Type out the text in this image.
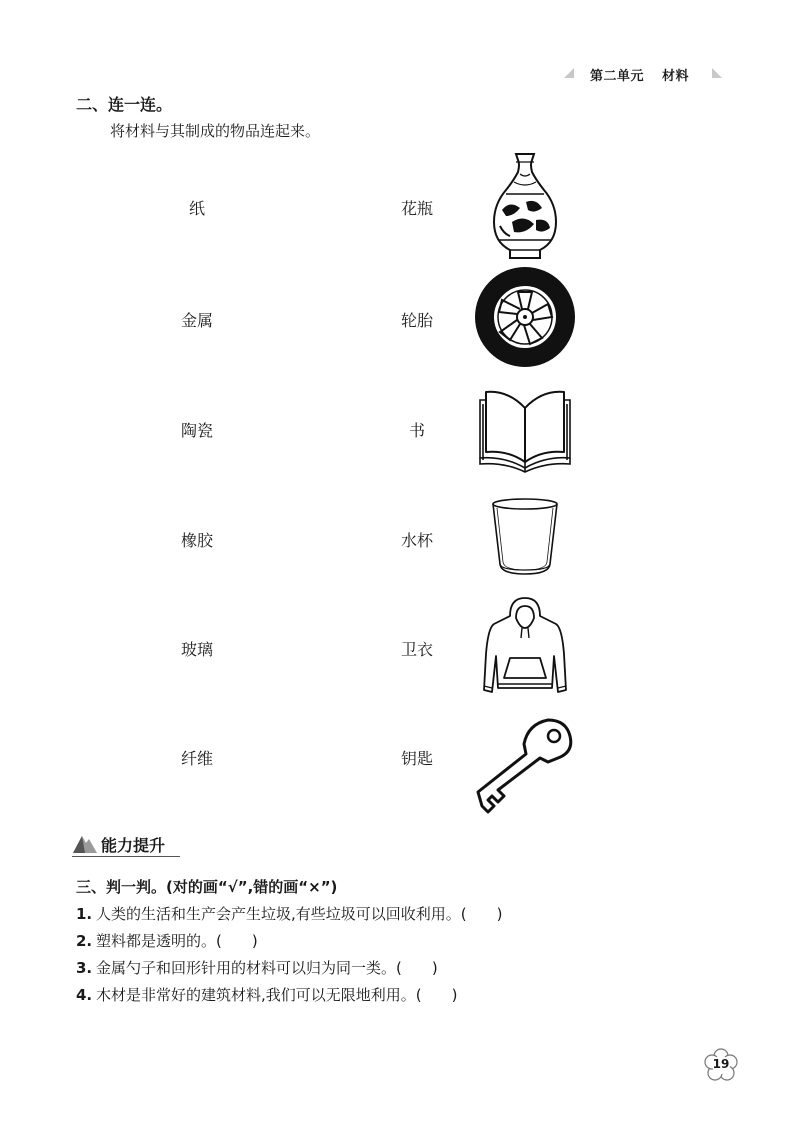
第二单元 材料
二、连一连。
将材料与其制成的物品连起来。
纸	花瓶
金属	轮胎
陶瓷	书
橡胶	水杯
玻璃	卫衣
纤维	钥匙
能力提升
三、判一判。(对的画“√”,错的画“×”)
1. 人类的生活和生产会产生垃圾,有些垃圾可以回收利用。(　　)
2. 塑料都是透明的。(　　)
3. 金属勺子和回形针用的材料可以归为同一类。(　　)
4. 木材是非常好的建筑材料,我们可以无限地利用。(　　)
19
